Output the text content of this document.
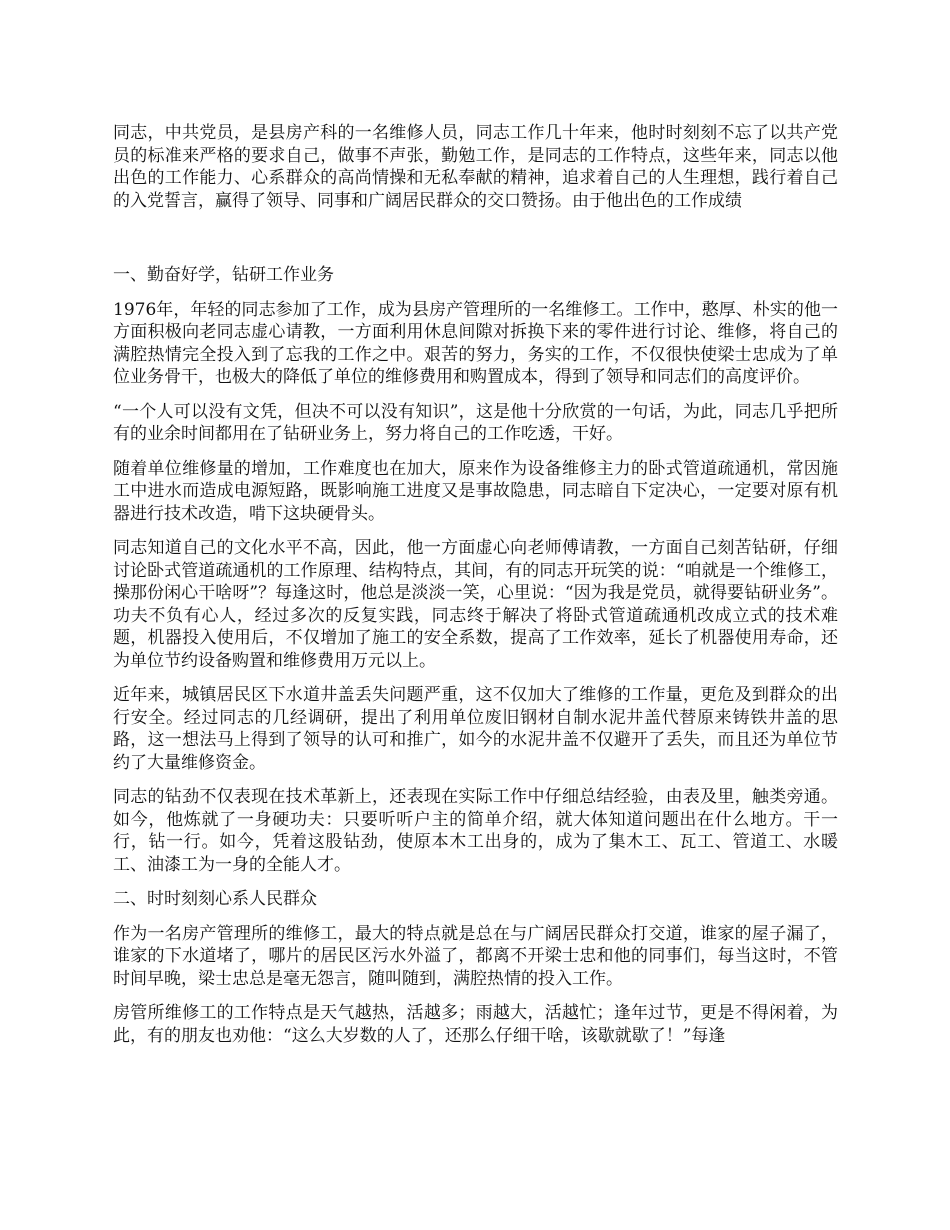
同志，中共党员，是县房产科的一名维修人员，同志工作几十年来，他时时刻刻不忘了以共产党员的标准来严格的要求自己，做事不声张，勤勉工作，是同志的工作特点，这些年来，同志以他出色的工作能力、心系群众的高尚情操和无私奉献的精神，追求着自己的人生理想，践行着自己的入党誓言，赢得了领导、同事和广阔居民群众的交口赞扬。由于他出色的工作成绩

一、勤奋好学，钻研工作业务

1976年，年轻的同志参加了工作，成为县房产管理所的一名维修工。工作中，憨厚、朴实的他一方面积极向老同志虚心请教，一方面利用休息间隙对拆换下来的零件进行讨论、维修，将自己的满腔热情完全投入到了忘我的工作之中。艰苦的努力，务实的工作，不仅很快使梁士忠成为了单位业务骨干，也极大的降低了单位的维修费用和购置成本，得到了领导和同志们的高度评价。

“一个人可以没有文凭，但决不可以没有知识”，这是他十分欣赏的一句话，为此，同志几乎把所有的业余时间都用在了钻研业务上，努力将自己的工作吃透，干好。

随着单位维修量的增加，工作难度也在加大，原来作为设备维修主力的卧式管道疏通机，常因施工中进水而造成电源短路，既影响施工进度又是事故隐患，同志暗自下定决心，一定要对原有机器进行技术改造，啃下这块硬骨头。

同志知道自己的文化水平不高，因此，他一方面虚心向老师傅请教，一方面自己刻苦钻研，仔细讨论卧式管道疏通机的工作原理、结构特点，其间，有的同志开玩笑的说：“咱就是一个维修工，操那份闲心干啥呀”？每逢这时，他总是淡淡一笑，心里说：“因为我是党员，就得要钻研业务”。功夫不负有心人，经过多次的反复实践，同志终于解决了将卧式管道疏通机改成立式的技术难题，机器投入使用后，不仅增加了施工的安全系数，提高了工作效率，延长了机器使用寿命，还为单位节约设备购置和维修费用万元以上。

近年来，城镇居民区下水道井盖丢失问题严重，这不仅加大了维修的工作量，更危及到群众的出行安全。经过同志的几经调研，提出了利用单位废旧钢材自制水泥井盖代替原来铸铁井盖的思路，这一想法马上得到了领导的认可和推广，如今的水泥井盖不仅避开了丢失，而且还为单位节约了大量维修资金。

同志的钻劲不仅表现在技术革新上，还表现在实际工作中仔细总结经验，由表及里，触类旁通。如今，他炼就了一身硬功夫：只要听听户主的简单介绍，就大体知道问题出在什么地方。干一行，钻一行。如今，凭着这股钻劲，使原本木工出身的，成为了集木工、瓦工、管道工、水暖工、油漆工为一身的全能人才。

二、时时刻刻心系人民群众

作为一名房产管理所的维修工，最大的特点就是总在与广阔居民群众打交道，谁家的屋子漏了，谁家的下水道堵了，哪片的居民区污水外溢了，都离不开梁士忠和他的同事们，每当这时，不管时间早晚，梁士忠总是毫无怨言，随叫随到，满腔热情的投入工作。

房管所维修工的工作特点是天气越热，活越多；雨越大，活越忙；逢年过节，更是不得闲着，为此，有的朋友也劝他：“这么大岁数的人了，还那么仔细干啥，该歇就歇了！”每逢
